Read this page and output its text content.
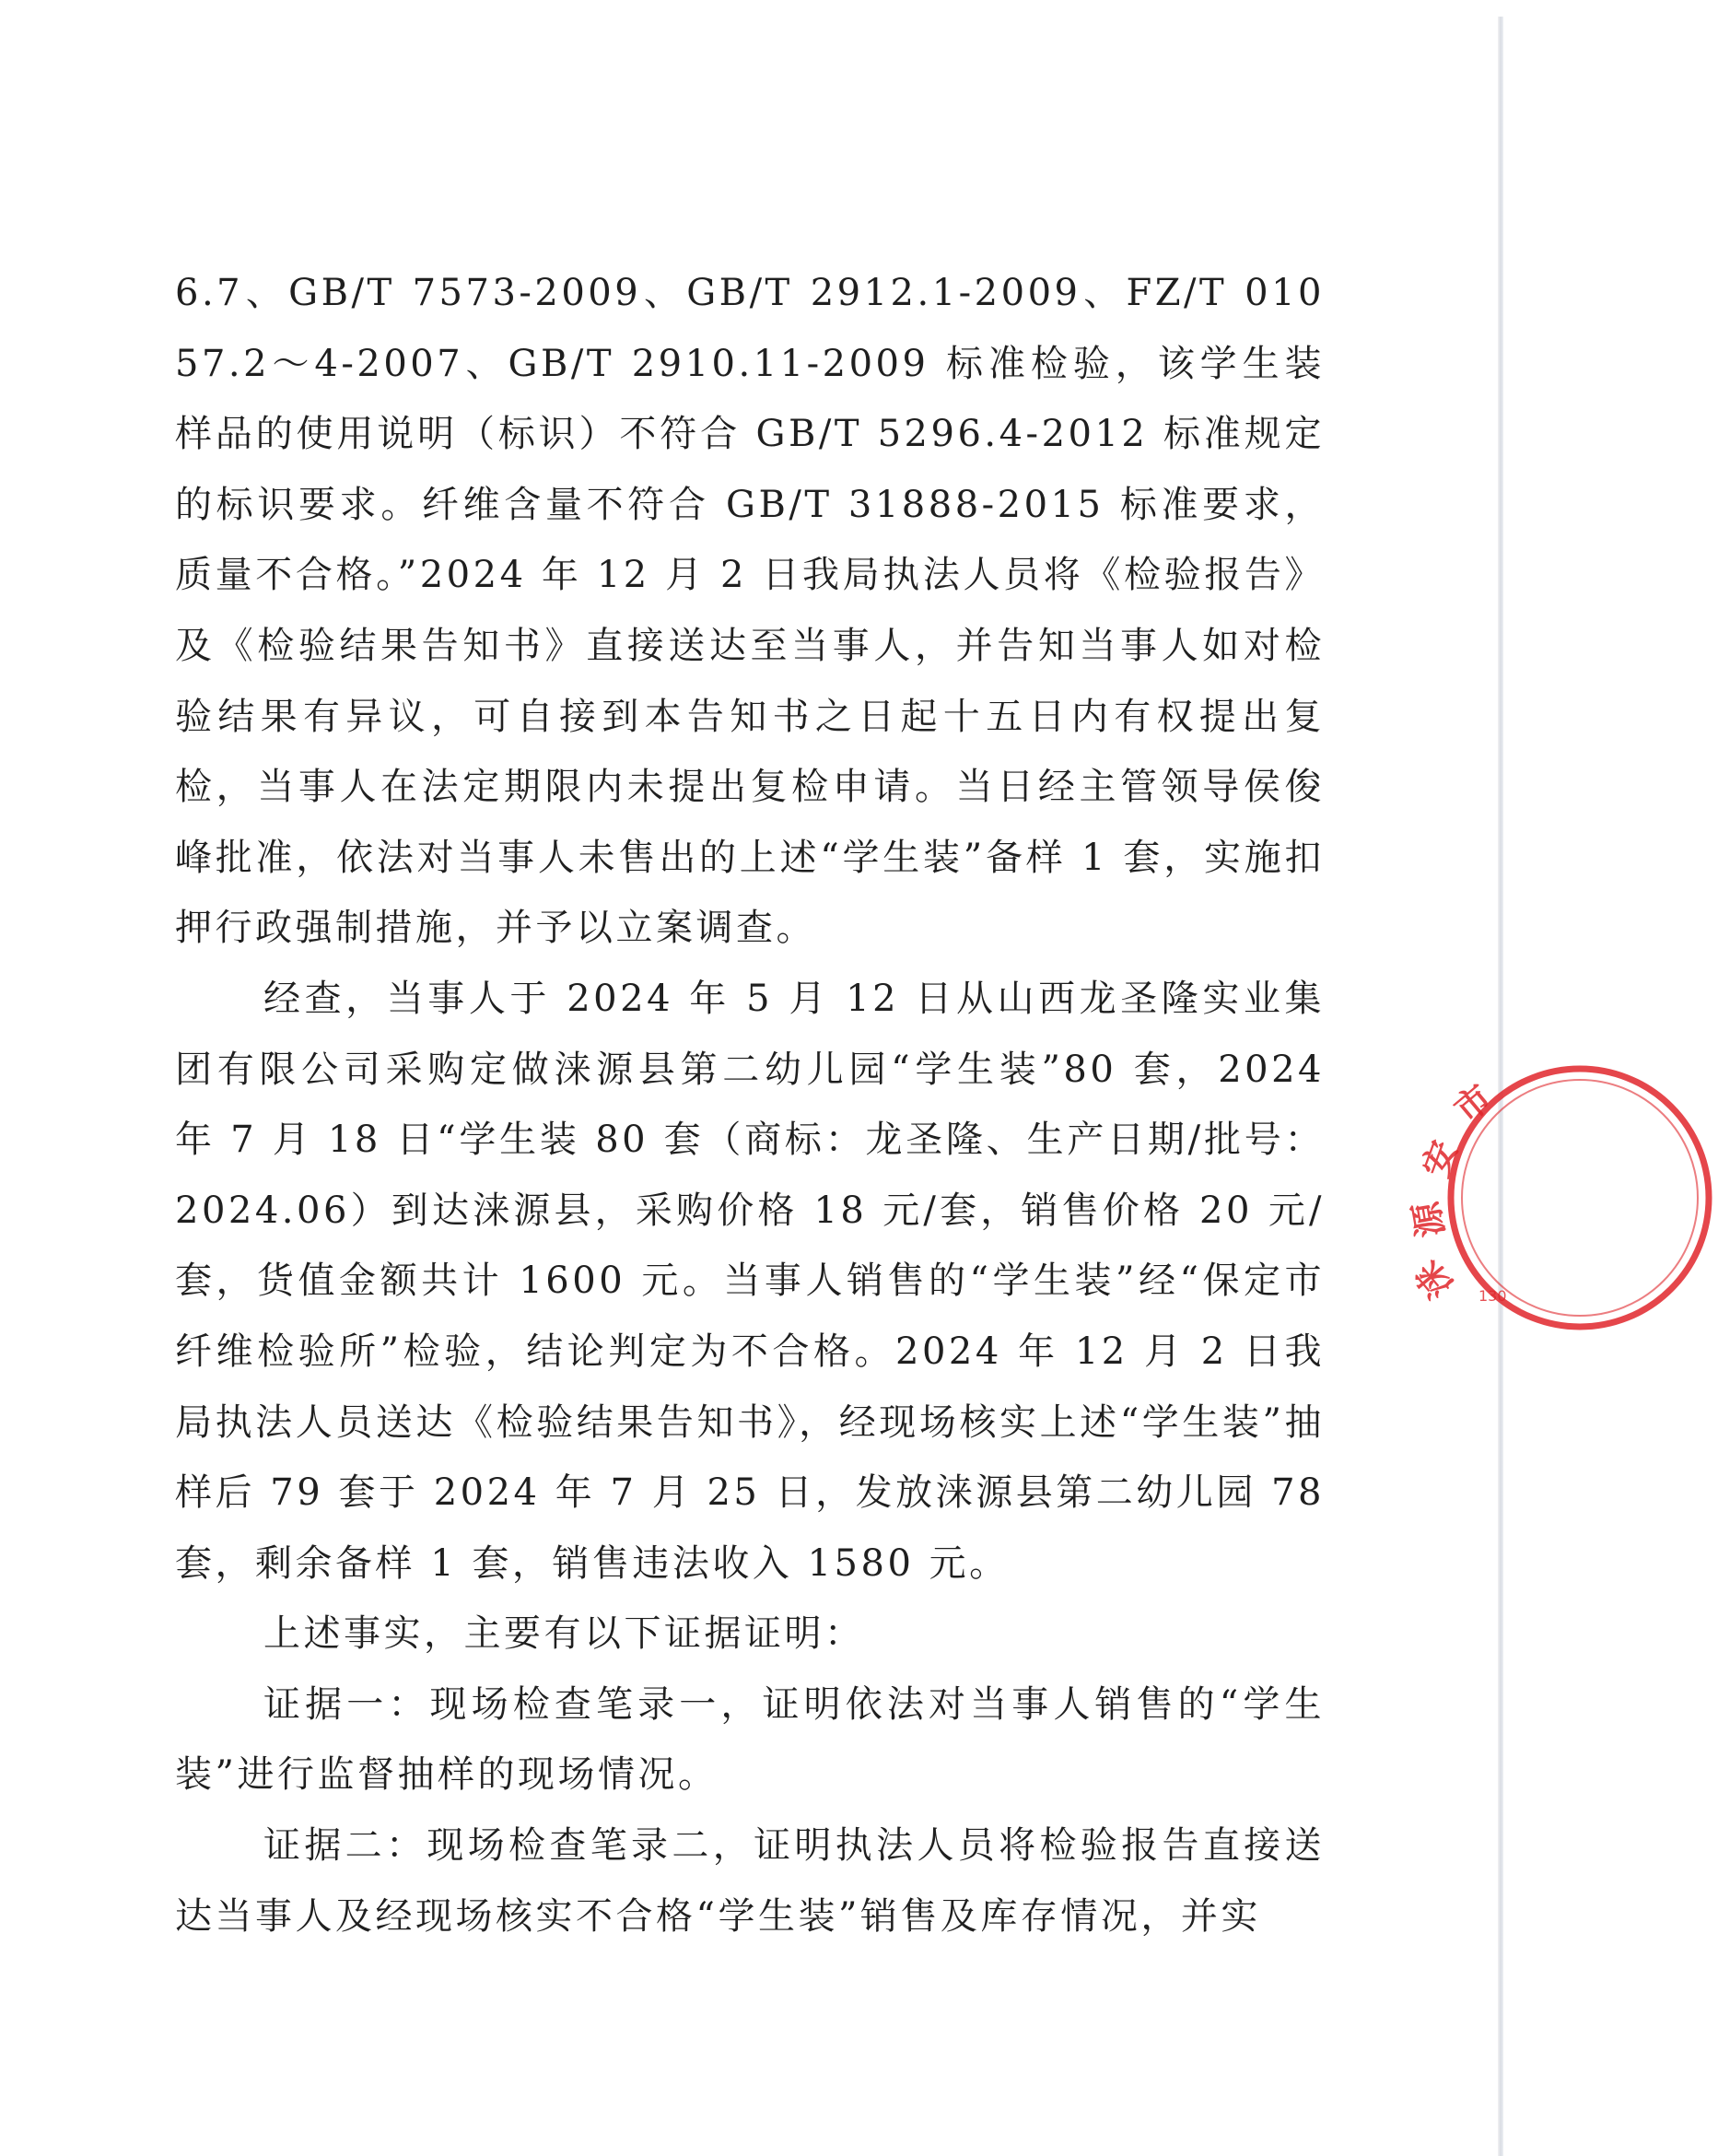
6.7、GB/T 7573-2009、GB/T 2912.1-2009、FZ/T 01057.2～4-2007、GB/T 2910.11-2009 标准检验，该学生装样品的使用说明（标识）不符合 GB/T 5296.4-2012 标准规定的标识要求。纤维含量不符合 GB/T 31888-2015 标准要求，质量不合格。”2024 年 12 月 2 日我局执法人员将《检验报告》及《检验结果告知书》直接送达至当事人，并告知当事人如对检验结果有异议，可自接到本告知书之日起十五日内有权提出复检，当事人在法定期限内未提出复检申请。当日经主管领导侯俊峰批准，依法对当事人未售出的上述“学生装”备样 1 套，实施扣押行政强制措施，并予以立案调查。

经查，当事人于 2024 年 5 月 12 日从山西龙圣隆实业集团有限公司采购定做涞源县第二幼儿园“学生装”80 套，2024 年 7 月 18 日“学生装 80 套（商标：龙圣隆、生产日期/批号：2024.06）到达涞源县，采购价格 18 元/套，销售价格 20 元/套，货值金额共计 1600 元。当事人销售的“学生装”经“保定市纤维检验所”检验，结论判定为不合格。2024 年 12 月 2 日我局执法人员送达《检验结果告知书》，经现场核实上述“学生装”抽样后 79 套于 2024 年 7 月 25 日，发放涞源县第二幼儿园 78 套，剩余备样 1 套，销售违法收入 1580 元。

上述事实，主要有以下证据证明：

证据一：现场检查笔录一，证明依法对当事人销售的“学生装”进行监督抽样的现场情况。

证据二：现场检查笔录二，证明执法人员将检验报告直接送达当事人及经现场核实不合格“学生装”销售及库存情况，并实

市
安
源
涞 130
